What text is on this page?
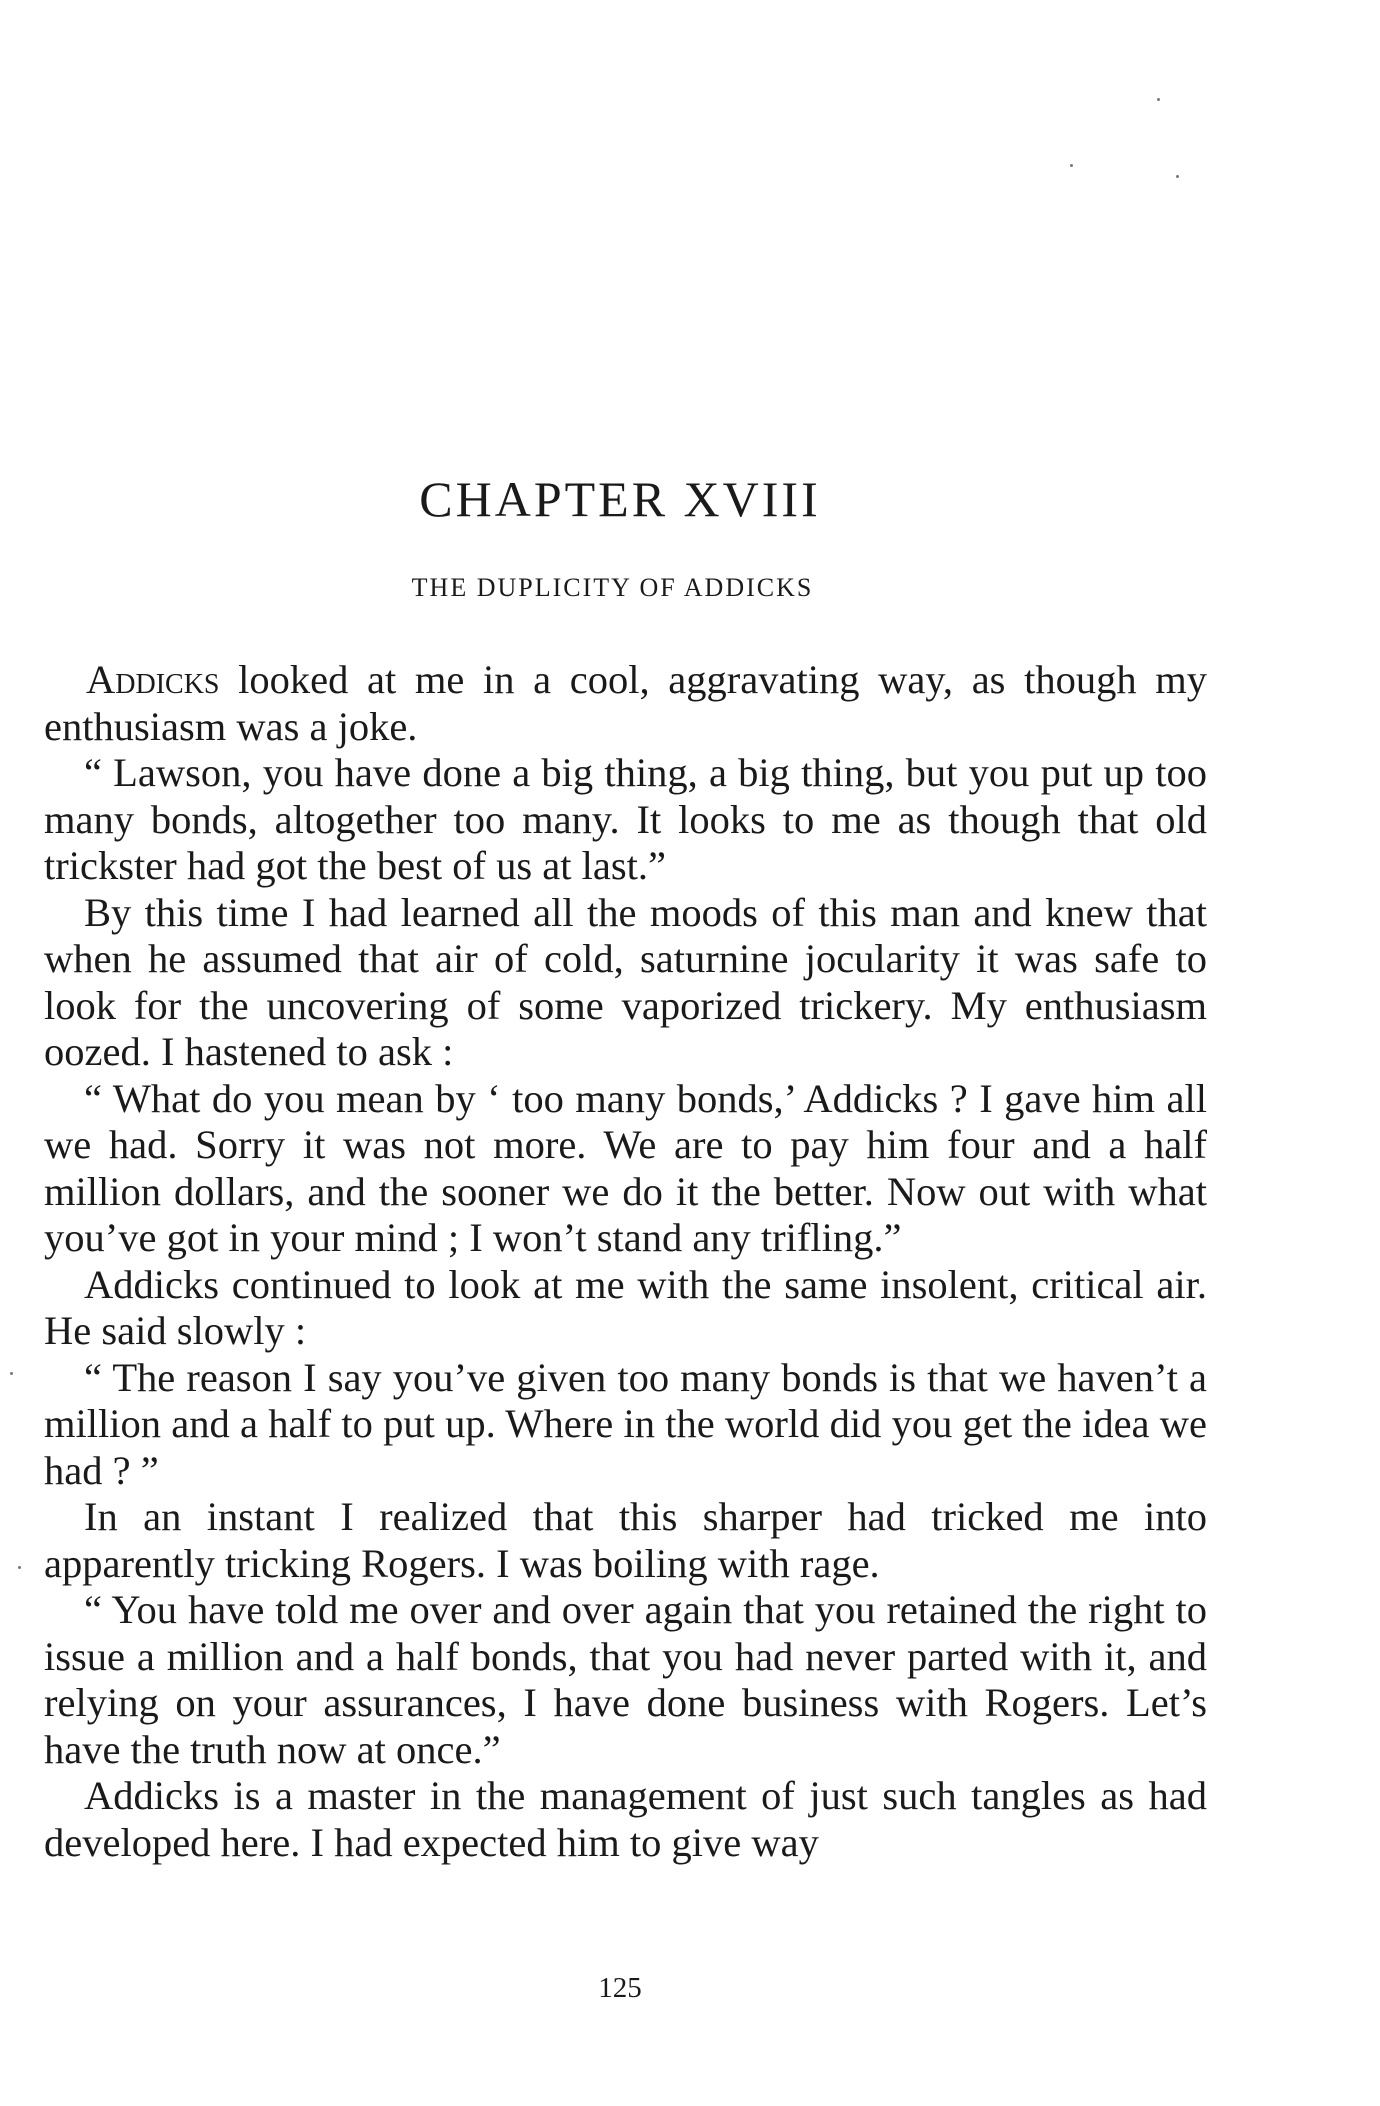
CHAPTER XVIII
THE DUPLICITY OF ADDICKS

Addicks looked at me in a cool, aggravating way, as though my enthusiasm was a joke.

“ Lawson, you have done a big thing, a big thing, but you put up too many bonds, altogether too many. It looks to me as though that old trickster had got the best of us at last.”

By this time I had learned all the moods of this man and knew that when he assumed that air of cold, saturnine jocularity it was safe to look for the uncovering of some vaporized trickery. My enthusiasm oozed. I hastened to ask :

“ What do you mean by ‘ too many bonds,’ Addicks ? I gave him all we had. Sorry it was not more. We are to pay him four and a half million dollars, and the sooner we do it the better. Now out with what you’ve got in your mind ; I won’t stand any trifling.”

Addicks continued to look at me with the same insolent, critical air. He said slowly :

“ The reason I say you’ve given too many bonds is that we haven’t a million and a half to put up. Where in the world did you get the idea we had ? ”

In an instant I realized that this sharper had tricked me into apparently tricking Rogers. I was boiling with rage.

“ You have told me over and over again that you retained the right to issue a million and a half bonds, that you had never parted with it, and relying on your assurances, I have done business with Rogers. Let’s have the truth now at once.”

Addicks is a master in the management of just such tangles as had developed here. I had expected him to give way

125
